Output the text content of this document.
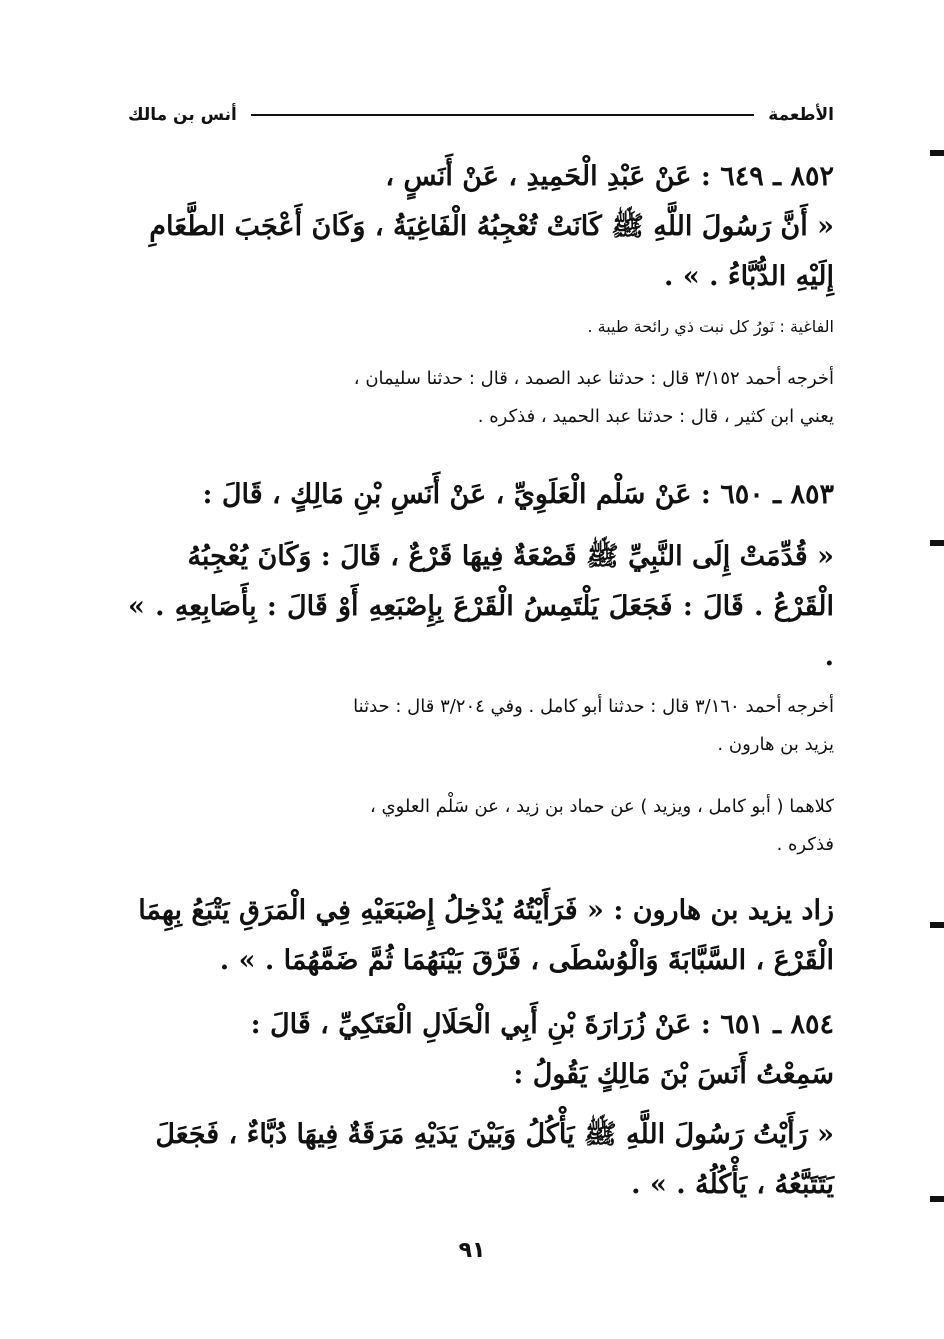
الأطعمة
أنس بن مالك
٨٥٢ ـ ٦٤٩ : عَنْ عَبْدِ الْحَمِيدِ ، عَنْ أَنَسٍ ،
« أَنَّ رَسُولَ اللَّهِ ﷺ كَانَتْ تُعْجِبُهُ الْفَاغِيَةُ ، وَكَانَ أَعْجَبَ الطَّعَامِ
إِلَيْهِ الدُّبَّاءُ . » .
الفاغية : نَورُ كل نبت ذي رائحة طيبة .
أخرجه أحمد ٣/١٥٢ قال : حدثنا عبد الصمد ، قال : حدثنا سليمان ،
يعني ابن كثير ، قال : حدثنا عبد الحميد ، فذكره .
٨٥٣ ـ ٦٥٠ : عَنْ سَلْم الْعَلَوِيِّ ، عَنْ أَنَسِ بْنِ مَالِكٍ ، قَالَ :
« قُدِّمَتْ إِلَى النَّبِيِّ ﷺ قَصْعَةٌ فِيهَا قَرْعٌ ، قَالَ : وَكَانَ يُعْجِبُهُ
الْقَرْعُ . قَالَ : فَجَعَلَ يَلْتَمِسُ الْقَرْعَ بِإِصْبَعِهِ أَوْ قَالَ : بِأَصَابِعِهِ . » .
أخرجه أحمد ٣/١٦٠ قال : حدثنا أبو كامل . وفي ٣/٢٠٤ قال : حدثنا
يزيد بن هارون .
كلاهما ( أبو كامل ، ويزيد ) عن حماد بن زيد ، عن سَلْم العلوي ،
فذكره .
زاد يزيد بن هارون : « فَرَأَيْتُهُ يُدْخِلُ إِصْبَعَيْهِ فِي الْمَرَقِ يَتْبَعُ بِهِمَا
الْقَرْعَ ، السَّبَّابَةَ وَالْوُسْطَى ، فَرَّقَ بَيْنَهُمَا ثُمَّ ضَمَّهُمَا . » .
٨٥٤ ـ ٦٥١ : عَنْ زُرَارَةَ بْنِ أَبِي الْحَلَالِ الْعَتَكِيِّ ، قَالَ :
سَمِعْتُ أَنَسَ بْنَ مَالِكٍ يَقُولُ :
« رَأَيْتُ رَسُولَ اللَّهِ ﷺ يَأْكُلُ وَبَيْنَ يَدَيْهِ مَرَقَةٌ فِيهَا دُبَّاءٌ ، فَجَعَلَ
يَتَتَبَّعُهُ ، يَأْكُلُهُ . » .
٩١
